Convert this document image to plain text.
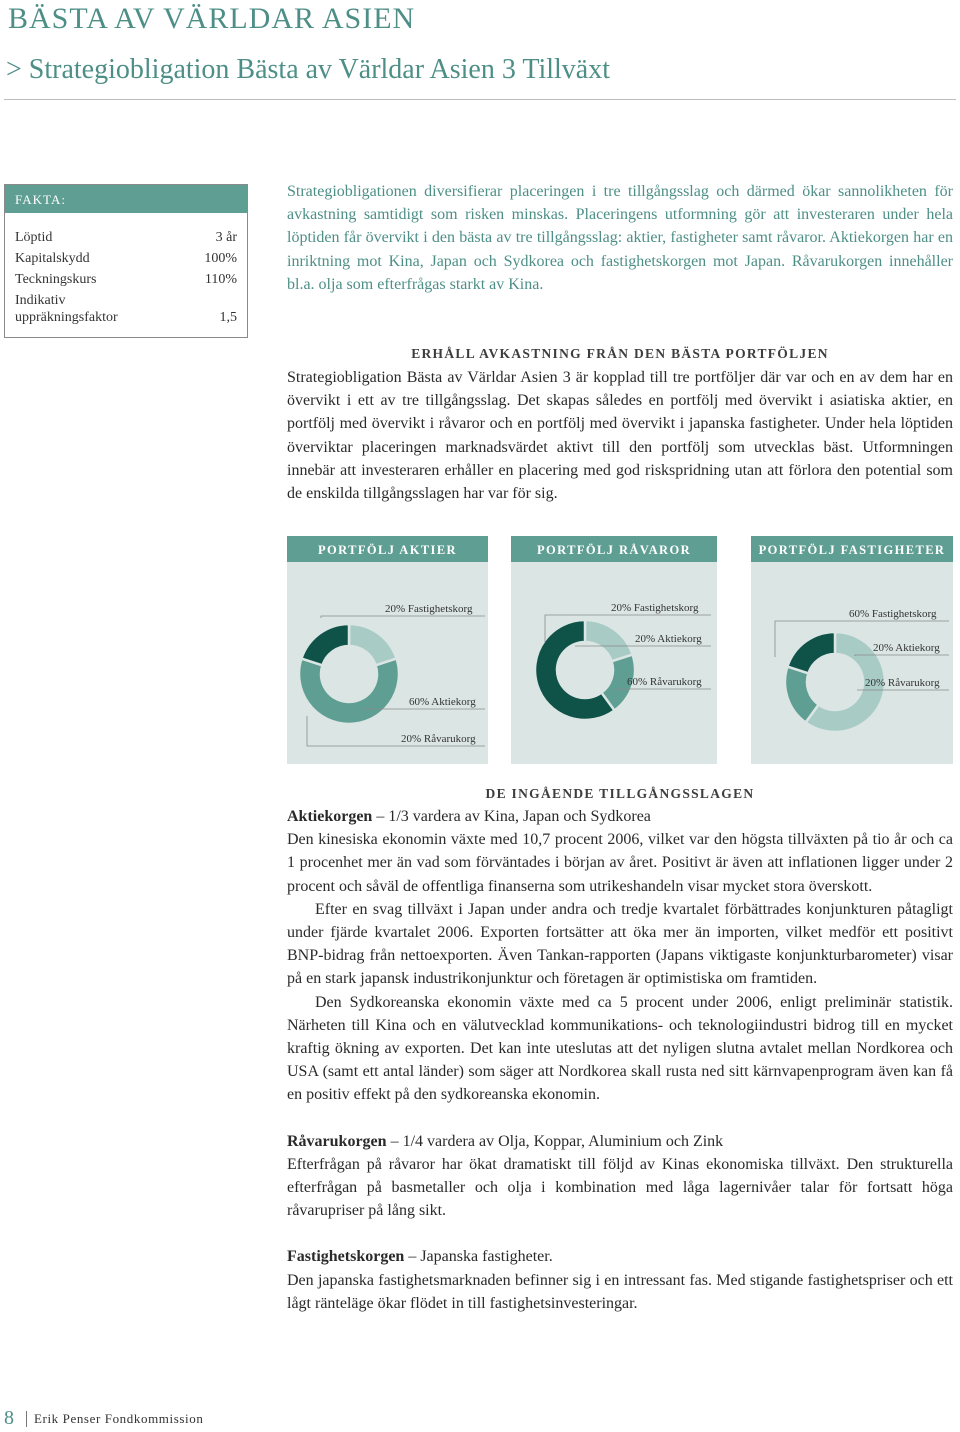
BÄSTA AV VÄRLDAR ASIEN
> Strategiobligation Bästa av Världar Asien 3 Tillväxt
FAKTA:
Löptid	3 år
Kapitalskydd	100%
Teckningskurs	110%
Indikativ
uppräkningsfaktor	1,5
Strategiobligationen diversifierar placeringen i tre tillgångsslag och därmed ökar sannolikheten för avkastning samtidigt som risken minskas. Placeringens utformning gör att investeraren under hela löptiden får övervikt i den bästa av tre tillgångsslag: aktier, fastigheter samt råvaror. Aktiekorgen har en inriktning mot Kina, Japan och Sydkorea och fastighetskorgen mot Japan. Råvarukorgen innehåller bl.a. olja som efterfrågas starkt av Kina.
ERHÅLL AVKASTNING FRÅN DEN BÄSTA PORTFÖLJEN
Strategiobligation Bästa av Världar Asien 3 är kopplad till tre portföljer där var och en av dem har en övervikt i ett av tre tillgångsslag. Det skapas således en portfölj med övervikt i asiatiska aktier, en portfölj med övervikt i råvaror och en portfölj med övervikt i japanska fastigheter. Under hela löptiden överviktar placeringen marknadsvärdet aktivt till den portfölj som utvecklas bäst. Utformningen innebär att investeraren erhåller en placering med god riskspridning utan att förlora den potential som de enskilda tillgångsslagen har var för sig.
PORTFÖLJ AKTIER
20% Fastighetskorg
60% Aktiekorg
20% Råvarukorg
PORTFÖLJ RÅVAROR
20% Fastighetskorg
20% Aktiekorg
60% Råvarukorg
PORTFÖLJ FASTIGHETER
60% Fastighetskorg
20% Aktiekorg
20% Råvarukorg
DE INGÅENDE TILLGÅNGSSLAGEN

Aktiekorgen – 1/3 vardera av Kina, Japan och Sydkorea

Den kinesiska ekonomin växte med 10,7 procent 2006, vilket var den högsta tillväxten på tio år och ca 1 procenhet mer än vad som förväntades i början av året. Positivt är även att inflationen ligger under 2 procent och såväl de offentliga finanserna som utrikeshandeln visar mycket stora överskott.

Efter en svag tillväxt i Japan under andra och tredje kvartalet förbättrades konjunkturen påtagligt under fjärde kvartalet 2006. Exporten fortsätter att öka mer än importen, vilket medför ett positivt BNP-bidrag från nettoexporten. Även Tankan-rapporten (Japans viktigaste konjunkturbarometer) visar på en stark japansk industrikonjunktur och företagen är optimistiska om framtiden.

Den Sydkoreanska ekonomin växte med ca 5 procent under 2006, enligt preliminär statistik. Närheten till Kina och en välutvecklad kommunikations- och teknologiindustri bidrog till en mycket kraftig ökning av exporten. Det kan inte uteslutas att det nyligen slutna avtalet mellan Nordkorea och USA (samt ett antal länder) som säger att Nordkorea skall rusta ned sitt kärnvapenprogram även kan få en positiv effekt på den sydkoreanska ekonomin.

Råvarukorgen – 1/4 vardera av Olja, Koppar, Aluminium och Zink

Efterfrågan på råvaror har ökat dramatiskt till följd av Kinas ekonomiska tillväxt. Den strukturella efterfrågan på basmetaller och olja i kombination med låga lagernivåer talar för fortsatt höga råvarupriser på lång sikt.

Fastighetskorgen – Japanska fastigheter.

Den japanska fastighetsmarknaden befinner sig i en intressant fas. Med stigande fastighetspriser och ett lågt ränteläge ökar flödet in till fastighetsinvesteringar.

8 Erik Penser Fondkommission
